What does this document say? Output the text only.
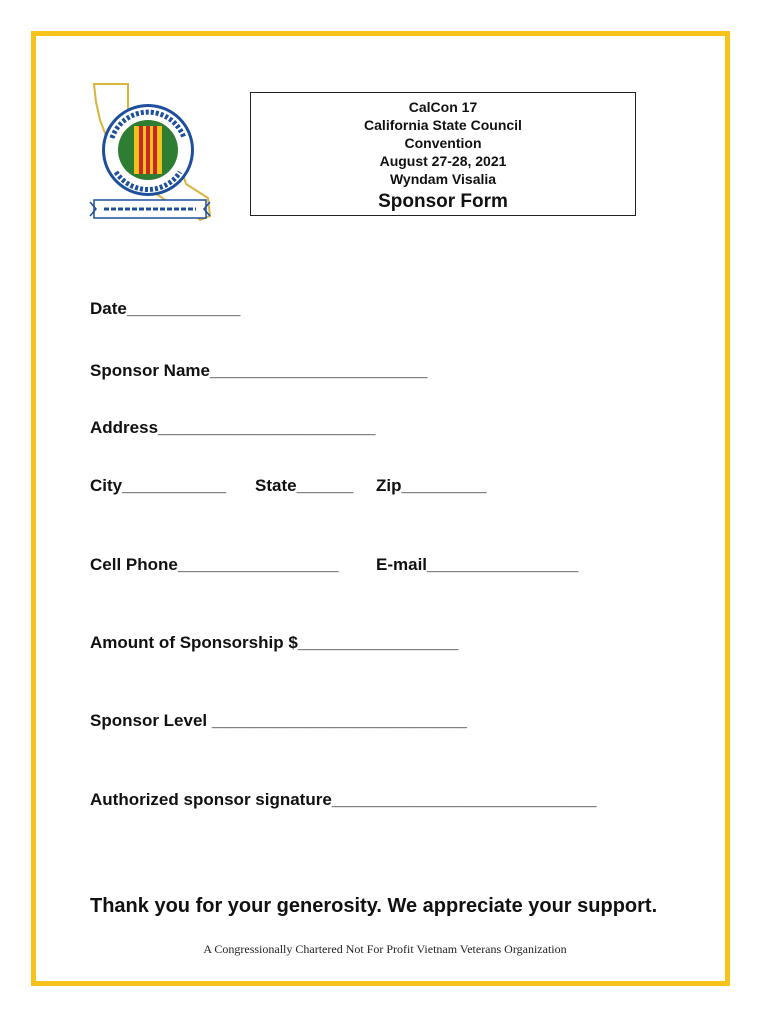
CalCon 17

California State Council

Convention

August 27-28, 2021

Wyndam Visalia

Sponsor Form
Date____________
Sponsor Name_______________________
Address_______________________
City___________ State______ Zip_________
Cell Phone_________________ E-mail________________
Amount of Sponsorship $_________________
Sponsor Level ___________________________
Authorized sponsor signature____________________________
Thank you for your generosity. We appreciate your support.
A Congressionally Chartered Not For Profit Vietnam Veterans Organization
